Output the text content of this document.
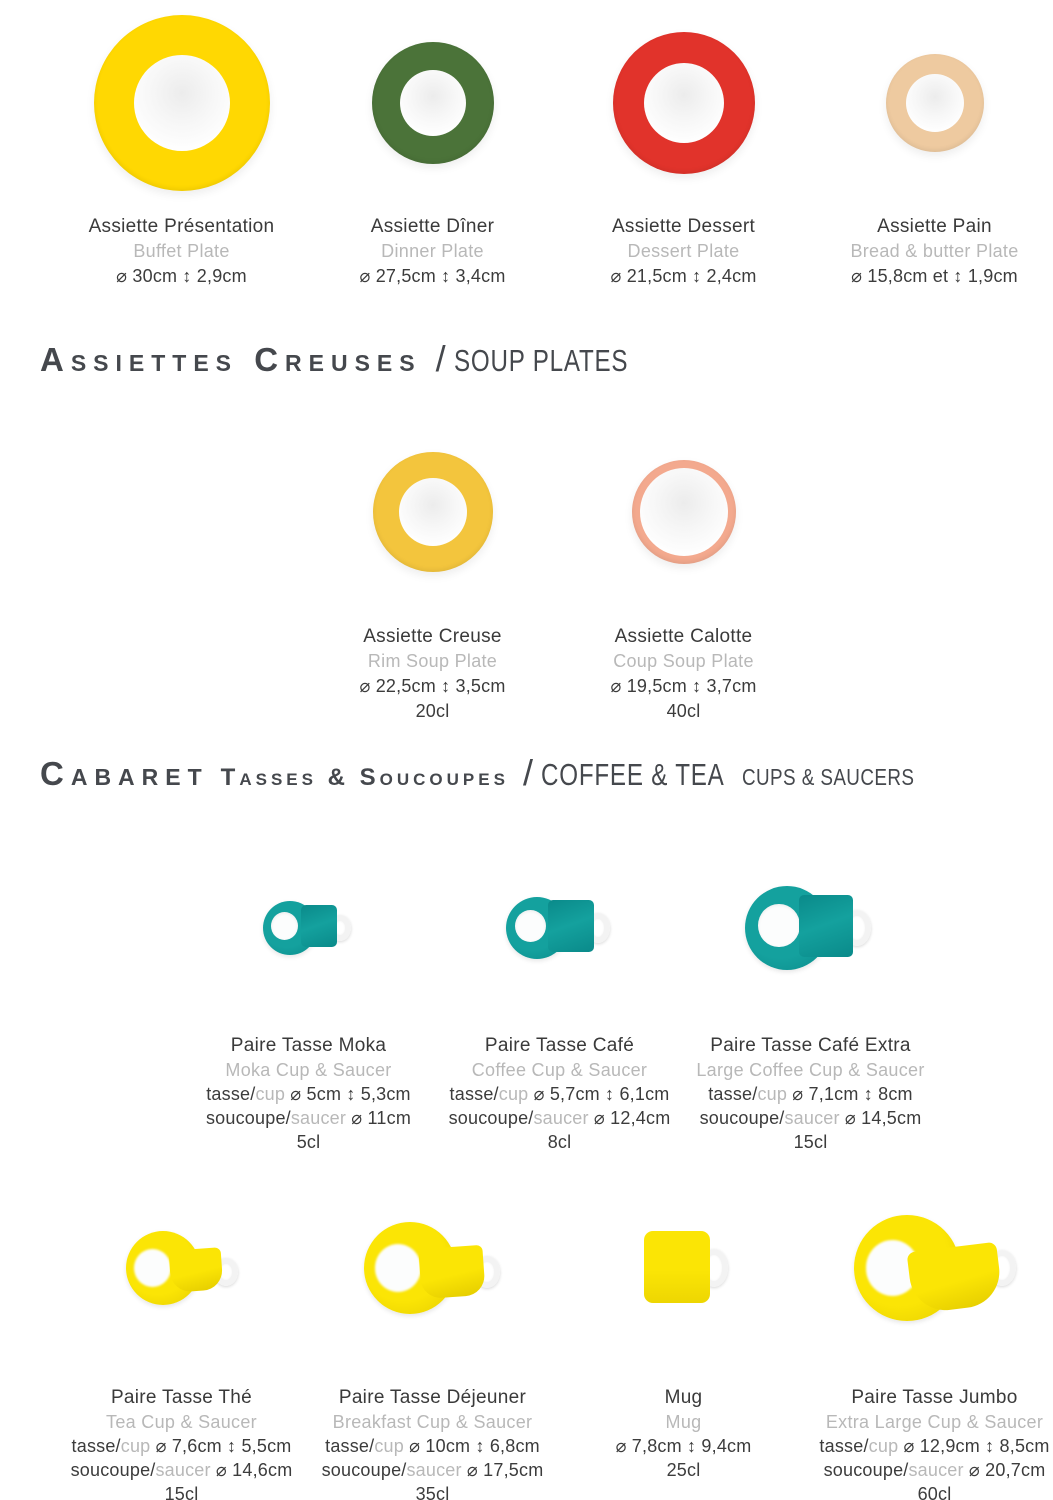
Assiette Présentation
Buffet Plate
⌀ 30cm ↕ 2,9cm
Assiette Dîner
Dinner Plate
⌀ 27,5cm ↕ 3,4cm
Assiette Dessert
Dessert Plate
⌀ 21,5cm ↕ 2,4cm
Assiette Pain
Bread & butter Plate
⌀ 15,8cm et ↕ 1,9cm
Assiettes Creuses / SOUP PLATES
Assiette Creuse
Rim Soup Plate
⌀ 22,5cm ↕ 3,5cm
20cl
Assiette Calotte
Coup Soup Plate
⌀ 19,5cm ↕ 3,7cm
40cl
Cabaret Tasses & Soucoupes / COFFEE & TEA CUPS & SAUCERS
Paire Tasse Moka
Moka Cup & Saucer
tasse/cup ⌀ 5cm ↕ 5,3cm
soucoupe/saucer ⌀ 11cm
5cl
Paire Tasse Café
Coffee Cup & Saucer
tasse/cup ⌀ 5,7cm ↕ 6,1cm
soucoupe/saucer ⌀ 12,4cm
8cl
Paire Tasse Café Extra
Large Coffee Cup & Saucer
tasse/cup ⌀ 7,1cm ↕ 8cm
soucoupe/saucer ⌀ 14,5cm
15cl
Paire Tasse Thé
Tea Cup & Saucer
tasse/cup ⌀ 7,6cm ↕ 5,5cm
soucoupe/saucer ⌀ 14,6cm
15cl
Paire Tasse Déjeuner
Breakfast Cup & Saucer
tasse/cup ⌀ 10cm ↕ 6,8cm
soucoupe/saucer ⌀ 17,5cm
35cl
Mug
Mug
⌀ 7,8cm ↕ 9,4cm
25cl
Paire Tasse Jumbo
Extra Large Cup & Saucer
tasse/cup ⌀ 12,9cm ↕ 8,5cm
soucoupe/saucer ⌀ 20,7cm
60cl
